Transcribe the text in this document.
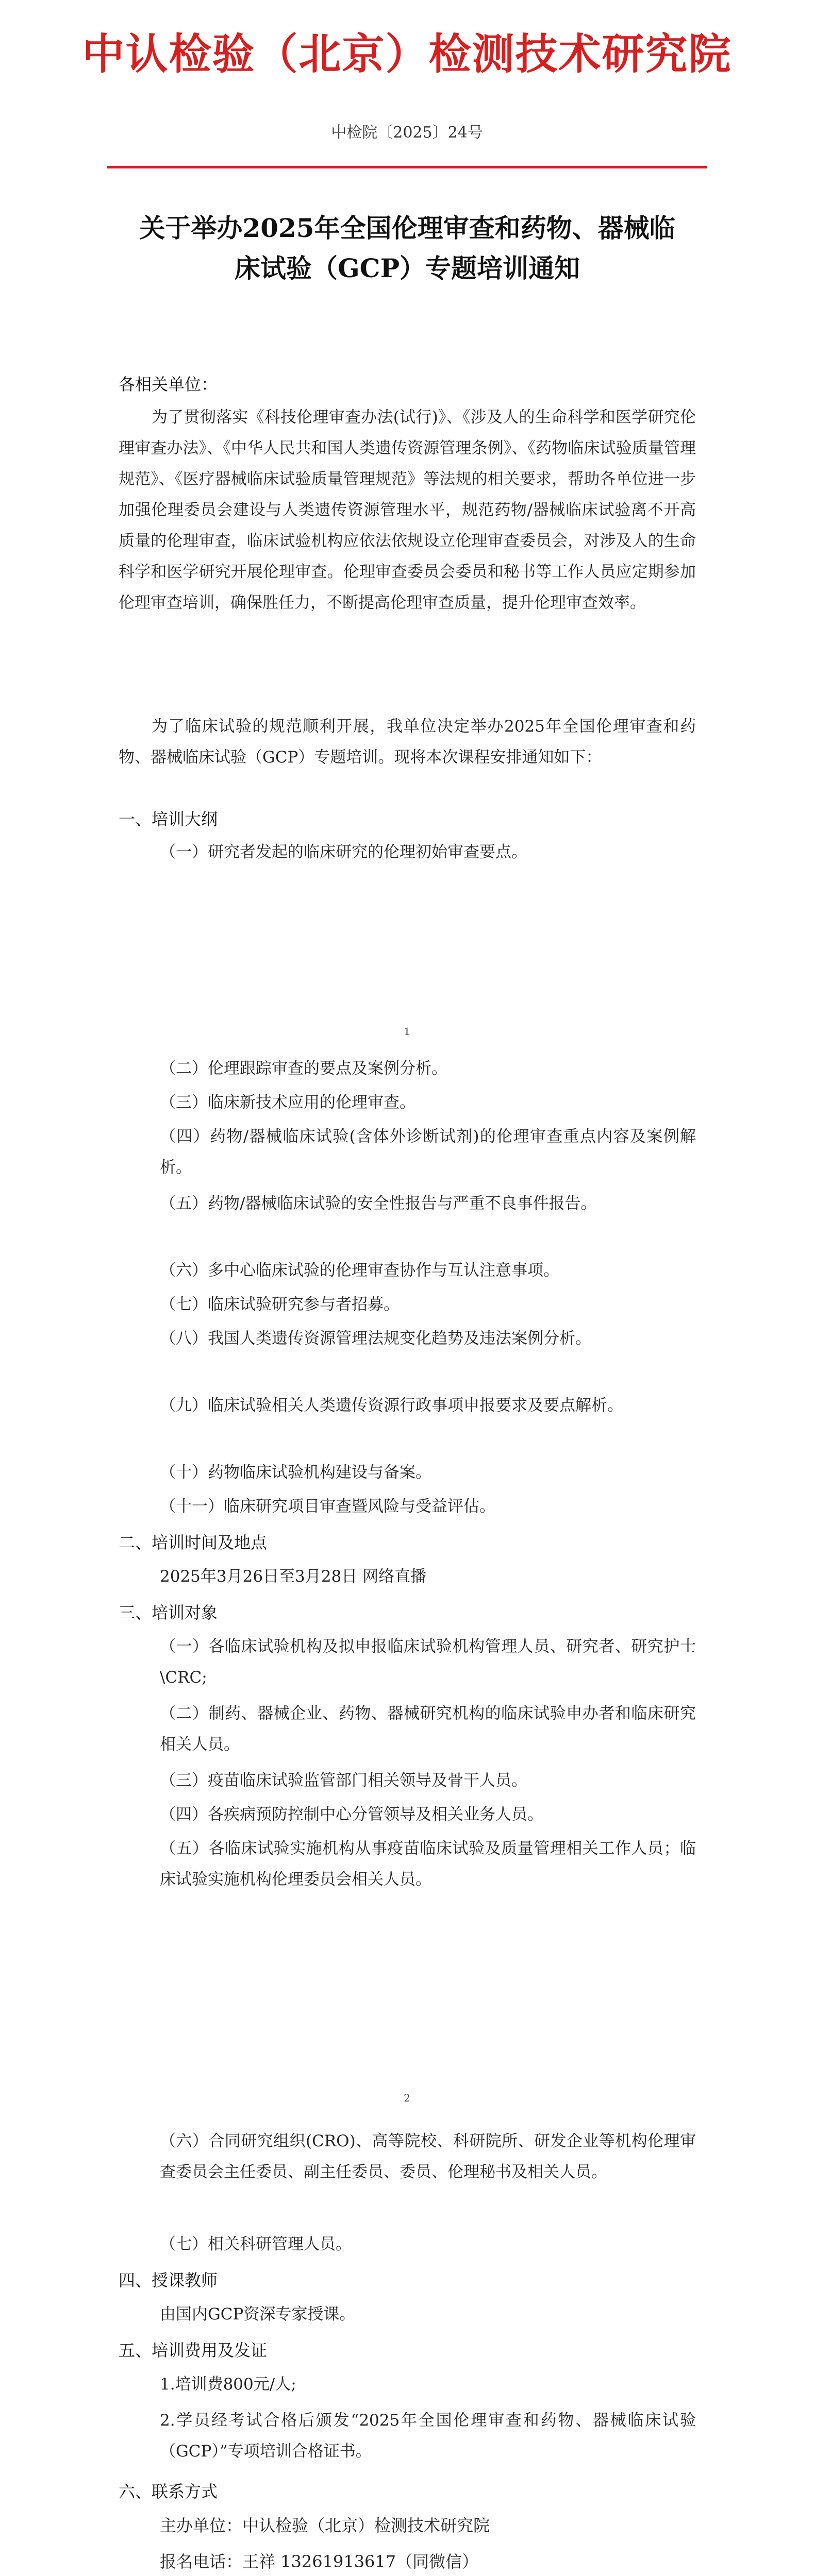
中认检验（北京）检测技术研究院
中检院〔2025〕24号
关于举办2025年全国伦理审查和药物、器械临
床试验（GCP）专题培训通知
各相关单位：
为了贯彻落实《科技伦理审查办法(试行)》、《涉及人的生命科学和医学研究伦理审查办法》、《中华人民共和国人类遗传资源管理条例》、《药物临床试验质量管理规范》、《医疗器械临床试验质量管理规范》等法规的相关要求，帮助各单位进一步加强伦理委员会建设与人类遗传资源管理水平，规范药物/器械临床试验离不开高质量的伦理审查，临床试验机构应依法依规设立伦理审查委员会，对涉及人的生命科学和医学研究开展伦理审查。伦理审查委员会委员和秘书等工作人员应定期参加伦理审查培训，确保胜任力，不断提高伦理审查质量，提升伦理审查效率。
为了临床试验的规范顺利开展，我单位决定举办2025年全国伦理审查和药物、器械临床试验（GCP）专题培训。现将本次课程安排通知如下：
一、培训大纲
（一）研究者发起的临床研究的伦理初始审查要点。
1
（二）伦理跟踪审查的要点及案例分析。
（三）临床新技术应用的伦理审查。
（四）药物/器械临床试验(含体外诊断试剂)的伦理审查重点内容及案例解析。
（五）药物/器械临床试验的安全性报告与严重不良事件报告。
（六）多中心临床试验的伦理审查协作与互认注意事项。
（七）临床试验研究参与者招募。
（八）我国人类遗传资源管理法规变化趋势及违法案例分析。
（九）临床试验相关人类遗传资源行政事项申报要求及要点解析。
（十）药物临床试验机构建设与备案。
（十一）临床研究项目审查暨风险与受益评估。
二、培训时间及地点
2025年3月26日至3月28日 网络直播
三、培训对象
（一）各临床试验机构及拟申报临床试验机构管理人员、研究者、研究护士\CRC;
（二）制药、器械企业、药物、器械研究机构的临床试验申办者和临床研究相关人员。
（三）疫苗临床试验监管部门相关领导及骨干人员。
（四）各疾病预防控制中心分管领导及相关业务人员。
（五）各临床试验实施机构从事疫苗临床试验及质量管理相关工作人员；临床试验实施机构伦理委员会相关人员。
2
（六）合同研究组织(CRO)、高等院校、科研院所、研发企业等机构伦理审查委员会主任委员、副主任委员、委员、伦理秘书及相关人员。
（七）相关科研管理人员。
四、授课教师
由国内GCP资深专家授课。
五、培训费用及发证
1.培训费800元/人;
2.学员经考试合格后颁发“2025年全国伦理审查和药物、器械临床试验（GCP）”专项培训合格证书。
六、联系方式
主办单位：中认检验（北京）检测技术研究院
报名电话：王祥 13261913617（同微信）
